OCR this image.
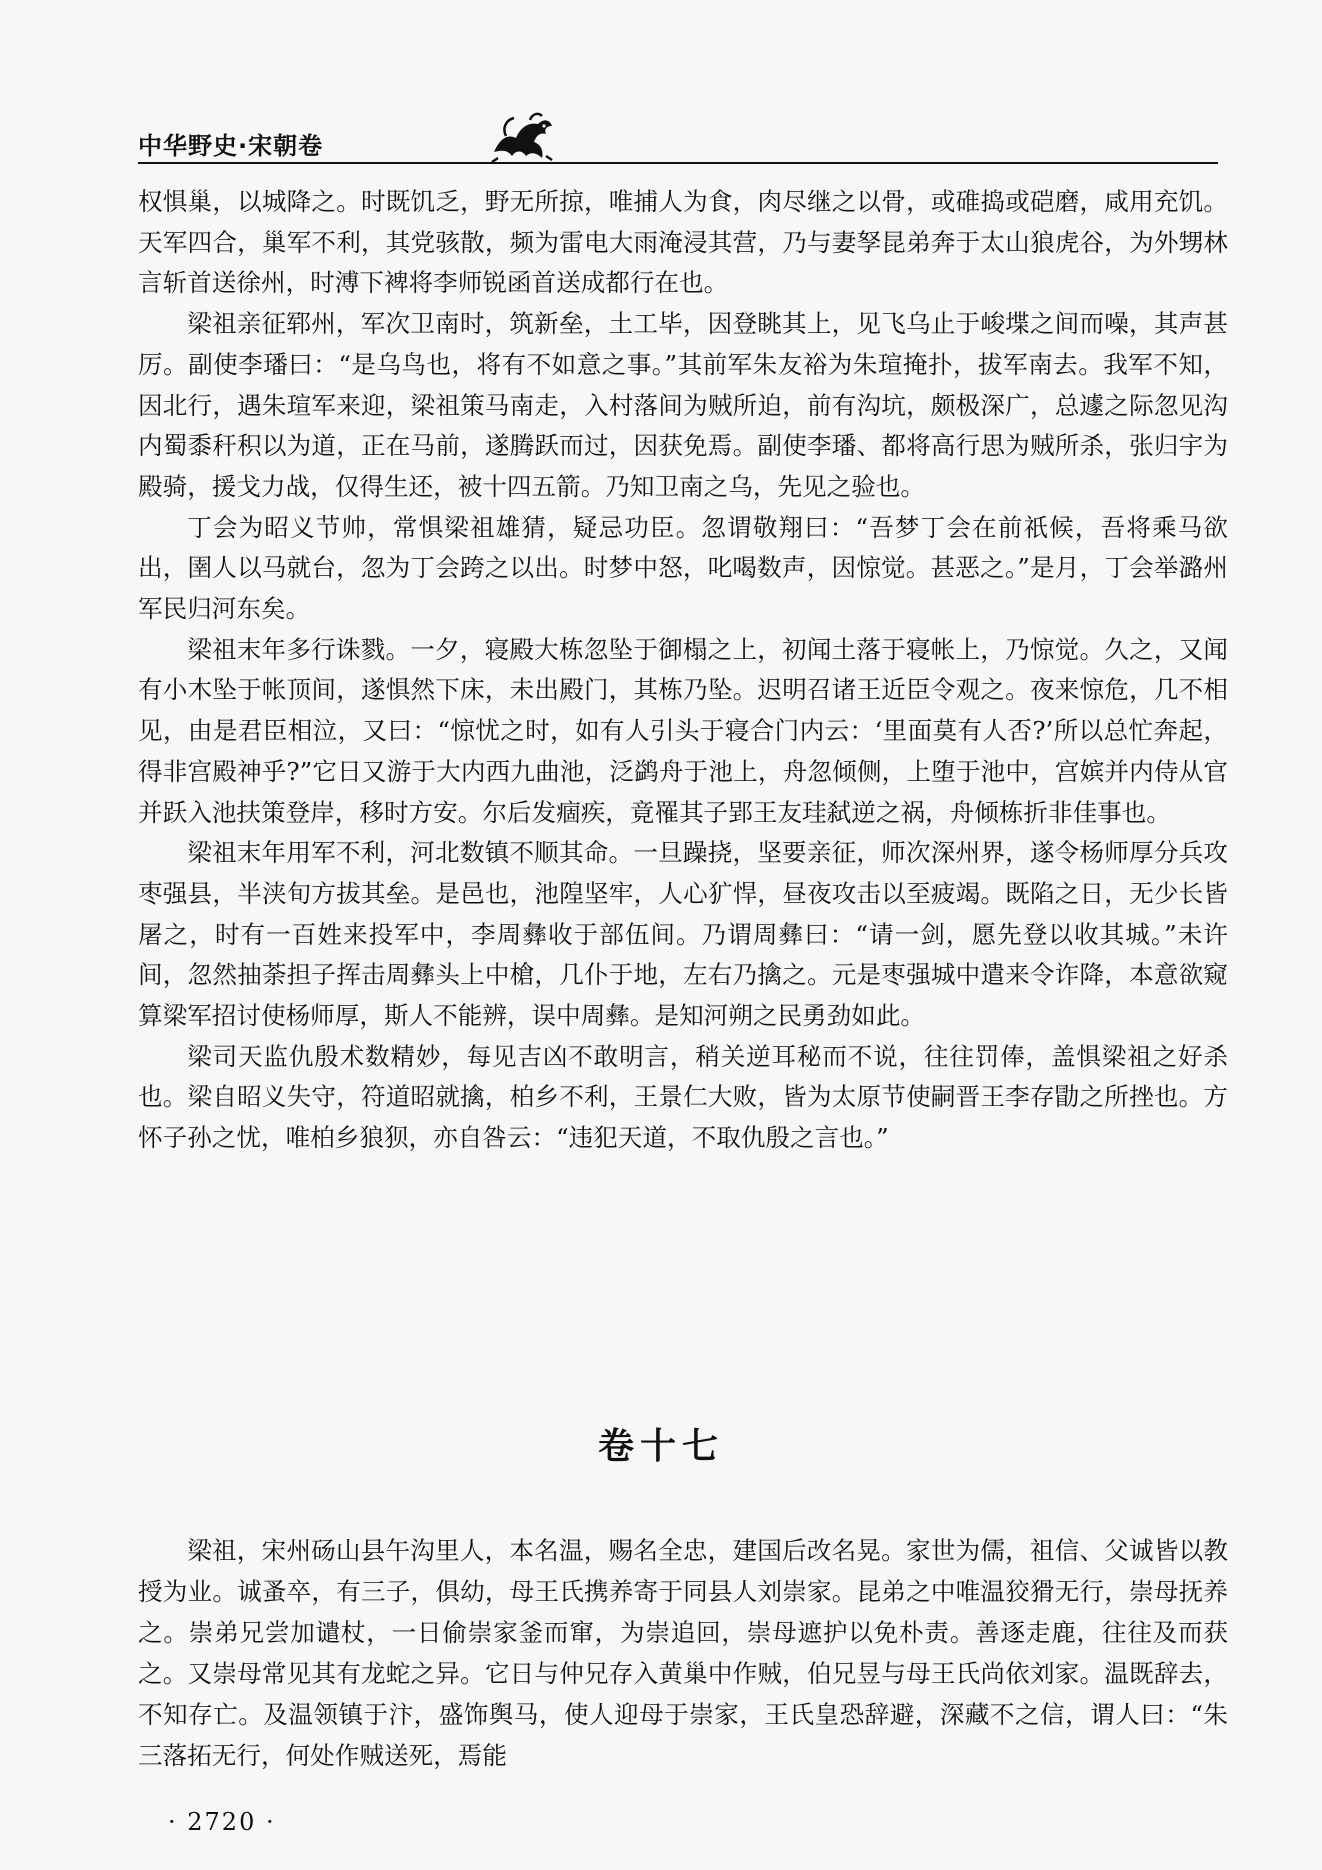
中华野史·宋朝卷

权惧巢，以城降之。时既饥乏，野无所掠，唯捕人为食，肉尽继之以骨，或碓捣或硙磨，咸用充饥。天军四合，巢军不利，其党骇散，频为雷电大雨淹浸其营，乃与妻孥昆弟奔于太山狼虎谷，为外甥林言斩首送徐州，时溥下裨将李师锐函首送成都行在也。

梁祖亲征郓州，军次卫南时，筑新垒，土工毕，因登眺其上，见飞乌止于峻堞之间而噪，其声甚厉。副使李璠曰：“是乌鸟也，将有不如意之事。”其前军朱友裕为朱瑄掩扑，拔军南去。我军不知，因北行，遇朱瑄军来迎，梁祖策马南走，入村落间为贼所迫，前有沟坑，颇极深广，总遽之际忽见沟内蜀黍秆积以为道，正在马前，遂腾跃而过，因获免焉。副使李璠、都将高行思为贼所杀，张归宇为殿骑，援戈力战，仅得生还，被十四五箭。乃知卫南之乌，先见之验也。

丁会为昭义节帅，常惧梁祖雄猜，疑忌功臣。忽谓敬翔曰：“吾梦丁会在前祇候，吾将乘马欲出，圉人以马就台，忽为丁会跨之以出。时梦中怒，叱喝数声，因惊觉。甚恶之。”是月，丁会举潞州军民归河东矣。

梁祖末年多行诛戮。一夕，寝殿大栋忽坠于御榻之上，初闻土落于寝帐上，乃惊觉。久之，又闻有小木坠于帐顶间，遂惧然下床，未出殿门，其栋乃坠。迟明召诸王近臣令观之。夜来惊危，几不相见，由是君臣相泣，又曰：“惊忧之时，如有人引头于寝合门内云：‘里面莫有人否?’所以总忙奔起，得非宫殿神乎?”它日又游于大内西九曲池，泛鹢舟于池上，舟忽倾侧，上堕于池中，宫嫔并内侍从官并跃入池扶策登岸，移时方安。尔后发痼疾，竟罹其子郢王友珪弑逆之祸，舟倾栋折非佳事也。

梁祖末年用军不利，河北数镇不顺其命。一旦躁挠，坚要亲征，师次深州界，遂令杨师厚分兵攻枣强县，半浃旬方拔其垒。是邑也，池隍坚牢，人心犷悍，昼夜攻击以至疲竭。既陷之日，无少长皆屠之，时有一百姓来投军中，李周彝收于部伍间。乃谓周彝曰：“请一剑，愿先登以收其城。”未许间，忽然抽荼担子挥击周彝头上中槍，几仆于地，左右乃擒之。元是枣强城中遣来令诈降，本意欲窥算梁军招讨使杨师厚，斯人不能辨，误中周彝。是知河朔之民勇劲如此。

梁司天监仇殷术数精妙，每见吉凶不敢明言，稍关逆耳秘而不说，往往罚俸，盖惧梁祖之好杀也。梁自昭义失守，符道昭就擒，柏乡不利，王景仁大败，皆为太原节使嗣晋王李存勖之所挫也。方怀子孙之忧，唯柏乡狼狈，亦自咎云：“违犯天道，不取仇殷之言也。”

卷十七

梁祖，宋州砀山县午沟里人，本名温，赐名全忠，建国后改名晃。家世为儒，祖信、父诚皆以教授为业。诚蚤卒，有三子，俱幼，母王氏携养寄于同县人刘崇家。昆弟之中唯温狡猾无行，崇母抚养之。崇弟兄尝加谴杖，一日偷崇家釜而窜，为崇追回，崇母遮护以免朴责。善逐走鹿，往往及而获之。又崇母常见其有龙蛇之异。它日与仲兄存入黄巢中作贼，伯兄昱与母王氏尚依刘家。温既辞去，不知存亡。及温领镇于汴，盛饰舆马，使人迎母于崇家，王氏皇恐辞避，深藏不之信，谓人曰：“朱三落拓无行，何处作贼送死，焉能

· 2720 ·
